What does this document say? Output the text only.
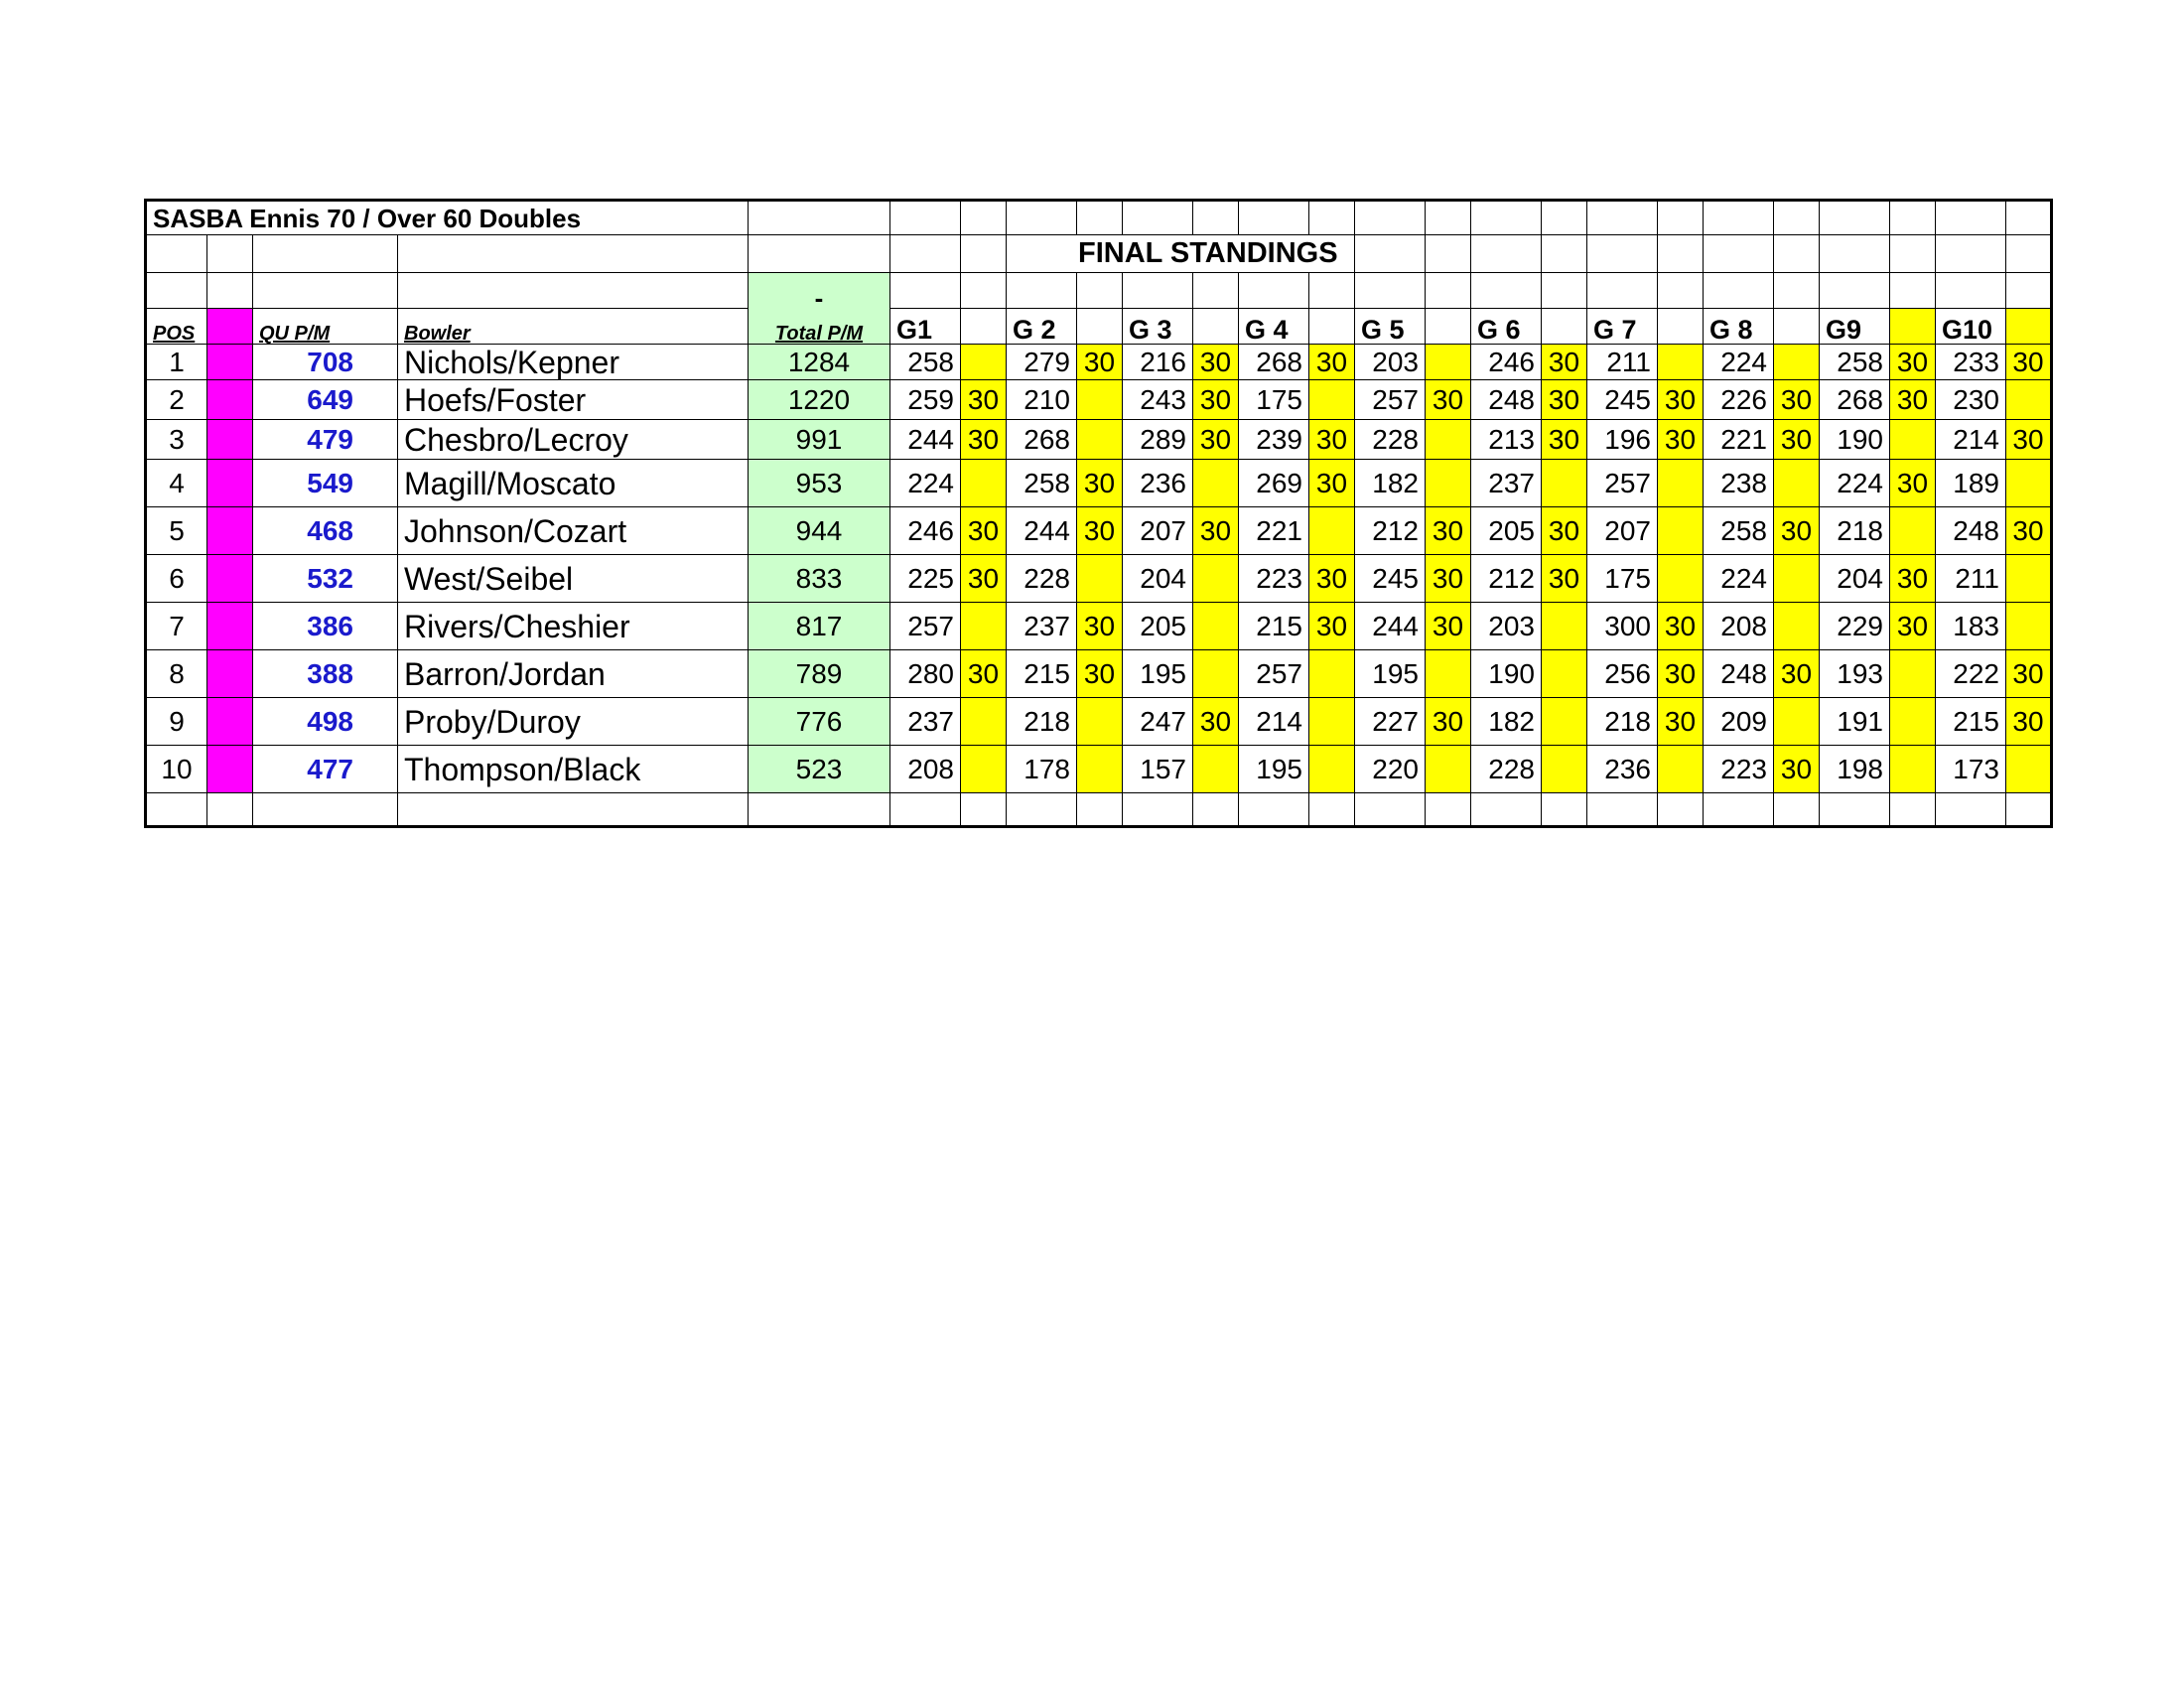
SASBA Ennis 70 / Over 60 Doubles																								
							FINAL STANDINGS																	
				-																				
POS		QU P/M	Bowler	Total P/M	G1		G 2		G 3		G 4		G 5		G 6		G 7		G 8		G9		G10	
1		708	Nichols/Kepner	1284	258		279	30	216	30	268	30	203		246	30	211		224		258	30	233	30
2		649	Hoefs/Foster	1220	259	30	210		243	30	175		257	30	248	30	245	30	226	30	268	30	230	
3		479	Chesbro/Lecroy	991	244	30	268		289	30	239	30	228		213	30	196	30	221	30	190		214	30
4		549	Magill/Moscato	953	224		258	30	236		269	30	182		237		257		238		224	30	189	
5		468	Johnson/Cozart	944	246	30	244	30	207	30	221		212	30	205	30	207		258	30	218		248	30
6		532	West/Seibel	833	225	30	228		204		223	30	245	30	212	30	175		224		204	30	211	
7		386	Rivers/Cheshier	817	257		237	30	205		215	30	244	30	203		300	30	208		229	30	183	
8		388	Barron/Jordan	789	280	30	215	30	195		257		195		190		256	30	248	30	193		222	30
9		498	Proby/Duroy	776	237		218		247	30	214		227	30	182		218	30	209		191		215	30
10		477	Thompson/Black	523	208		178		157		195		220		228		236		223	30	198		173	
